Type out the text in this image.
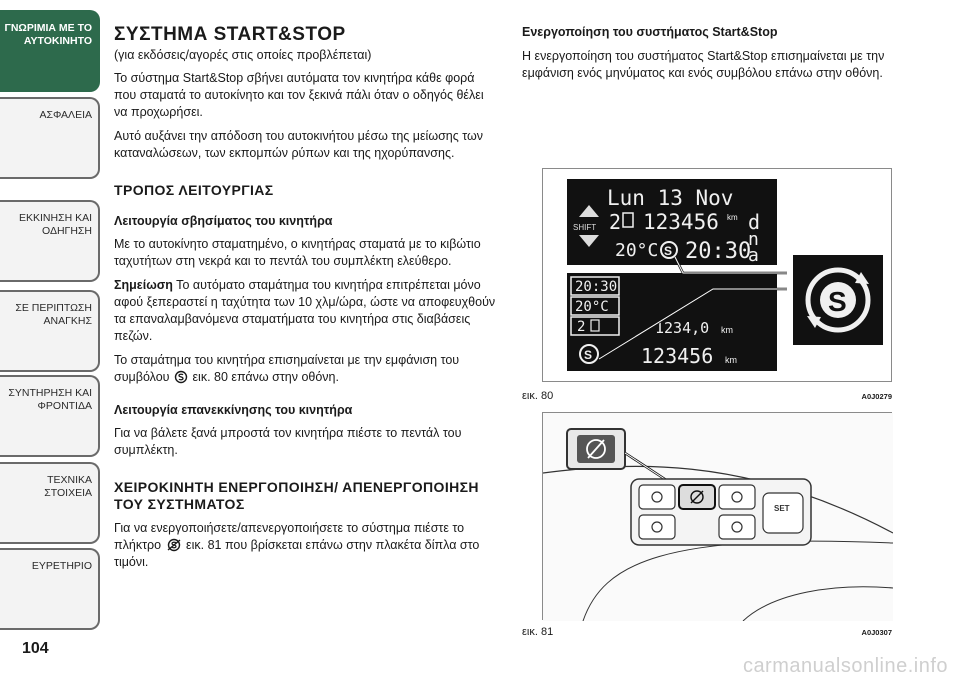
ΓΝΩΡΙΜΙΑ ΜΕ ΤΟ
ΑΥΤΟΚΙΝΗΤΟ
ΑΣΦΑΛΕΙΑ
ΕΚΚΙΝΗΣΗ ΚΑΙ
ΟΔΗΓΗΣΗ
ΣΕ ΠΕΡΙΠΤΩΣΗ
ΑΝΑΓΚΗΣ
ΣΥΝΤΗΡΗΣΗ ΚΑΙ
ΦΡΟΝΤΙΔΑ
ΤΕΧΝΙΚΑ ΣΤΟΙΧΕΙΑ
ΕΥΡΕΤΗΡΙΟ
104
ΣΥΣΤΗΜΑ START&STOP
(για εκδόσεις/αγορές στις οποίες προβλέπεται)

Το σύστημα Start&Stop σβήνει αυτόματα τον κινητήρα κάθε φορά που σταματά το αυτοκίνητο και τον ξεκινά πάλι όταν ο οδηγός θέλει να προχωρήσει.

Αυτό αυξάνει την απόδοση του αυτοκινήτου μέσω της μείωσης των καταναλώσεων, των εκπομπών ρύπων και της ηχορύπανσης.

ΤΡΟΠΟΣ ΛΕΙΤΟΥΡΓΙΑΣ
Λειτουργία σβησίματος του κινητήρα

Με το αυτοκίνητο σταματημένο, ο κινητήρας σταματά με το κιβώτιο ταχυτήτων στη νεκρά και το πεντάλ του συμπλέκτη ελεύθερο.

Σημείωση Το αυτόματο σταμάτημα του κινητήρα επιτρέπεται μόνο αφού ξεπεραστεί η ταχύτητα των 10 χλμ/ώρα, ώστε να αποφευχθούν τα επαναλαμβανόμενα σταματήματα του κινητήρα στις διαβάσεις πεζών.

Το σταμάτημα του κινητήρα επισημαίνεται με την εμφάνιση του συμβόλου  εικ. 80 επάνω στην οθόνη.

Λειτουργία επανεκκίνησης του κινητήρα

Για να βάλετε ξανά μπροστά τον κινητήρα πιέστε το πεντάλ του συμπλέκτη.

ΧΕΙΡΟΚΙΝΗΤΗ ΕΝΕΡΓΟΠΟΙΗΣΗ/ ΑΠΕΝΕΡΓΟΠΟΙΗΣΗ ΤΟΥ ΣΥΣΤΗΜΑΤΟΣ

Για να ενεργοποιήσετε/απενεργοποιήσετε το σύστημα πιέστε το πλήκτρο  εικ. 81 που βρίσκεται επάνω στην πλακέτα δίπλα στο τιμόνι.

Ενεργοποίηση του συστήματος Start&Stop

Η ενεργοποίηση του συστήματος Start&Stop επισημαίνεται με την εμφάνιση ενός μηνύματος και ενός συμβόλου επάνω στην οθόνη.

Lun 13 Nov
SHIFT 2 123456 km d
n
a
20°C S 20:30
20:30
20°C
2
S
1234,0 km
123456 km
S
εικ. 80	A0J0279
SET
εικ. 81	A0J0307
carmanualsonline.info
